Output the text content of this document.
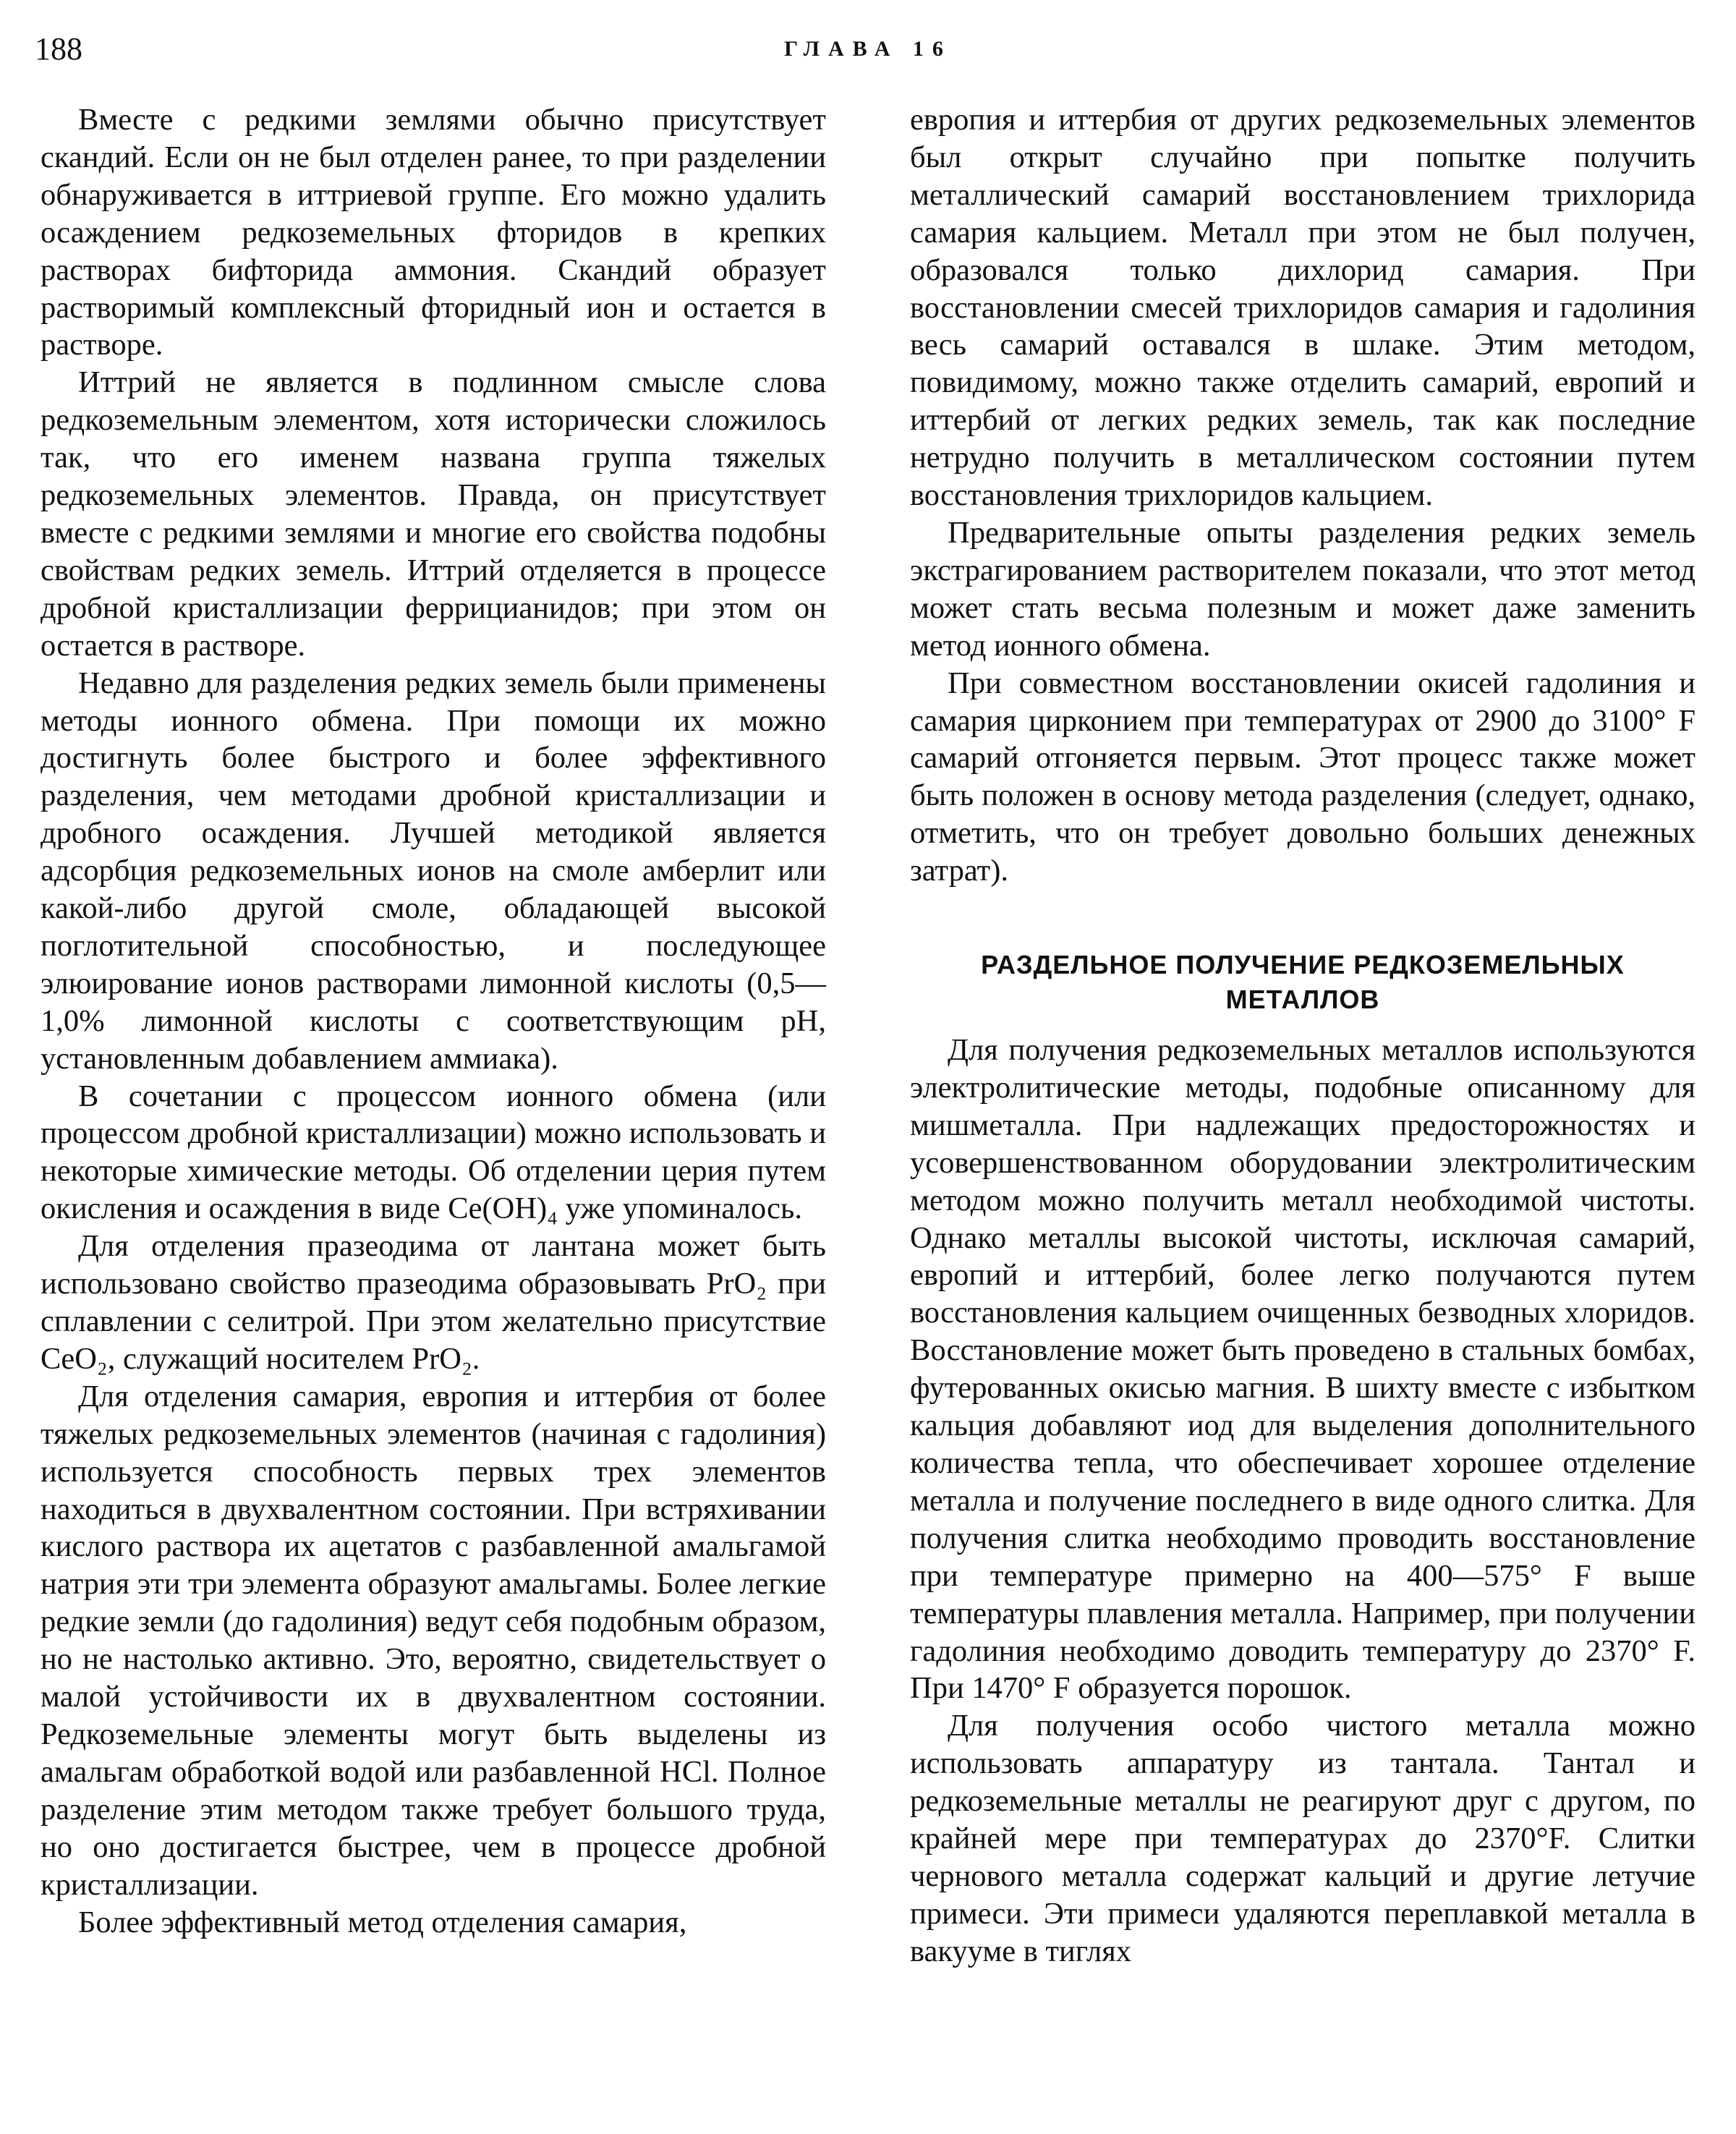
188	ГЛАВА 16

Вместе с редкими землями обычно присутствует скандий. Если он не был отделен ранее, то при разделении обнаруживается в иттриевой группе. Его можно удалить осаждением редкоземельных фторидов в крепких растворах бифторида аммония. Скандий образует растворимый комплексный фторидный ион и остается в растворе.

Иттрий не является в подлинном смысле слова редкоземельным элементом, хотя исторически сложилось так, что его именем названа группа тяжелых редкоземельных элементов. Правда, он присутствует вместе с редкими землями и многие его свойства подобны свойствам редких земель. Иттрий отделяется в процессе дробной кристаллизации феррицианидов; при этом он остается в растворе.

Недавно для разделения редких земель были применены методы ионного обмена. При помощи их можно достигнуть более быстрого и более эффективного разделения, чем методами дробной кристаллизации и дробного осаждения. Лучшей методикой является адсорбция редкоземельных ионов на смоле амберлит или какой-либо другой смоле, обладающей высокой поглотительной способностью, и последующее элюирование ионов растворами лимонной кислоты (0,5—1,0% лимонной кислоты с соответствующим pH, установленным добавлением аммиака).

В сочетании с процессом ионного обмена (или процессом дробной кристаллизации) можно использовать и некоторые химические методы. Об отделении церия путем окисления и осаждения в виде Ce(OH)₄ уже упоминалось.

Для отделения празеодима от лантана может быть использовано свойство празеодима образовывать PrO₂ при сплавлении с селитрой. При этом желательно присутствие CeO₂, служащий носителем PrO₂.

Для отделения самария, европия и иттербия от более тяжелых редкоземельных элементов (начиная с гадолиния) используется способность первых трех элементов находиться в двухвалентном состоянии. При встряхивании кислого раствора их ацетатов с разбавленной амальгамой натрия эти три элемента образуют амальгамы. Более легкие редкие земли (до гадолиния) ведут себя подобным образом, но не настолько активно. Это, вероятно, свидетельствует о малой устойчивости их в двухвалентном состоянии. Редкоземельные элементы могут быть выделены из амальгам обработкой водой или разбавленной HCl. Полное разделение этим методом также требует большого труда, но оно достигается быстрее, чем в процессе дробной кристаллизации.

Более эффективный метод отделения самария,

европия и иттербия от других редкоземельных элементов был открыт случайно при попытке получить металлический самарий восстановлением трихлорида самария кальцием. Металл при этом не был получен, образовался только дихлорид самария. При восстановлении смесей трихлоридов самария и гадолиния весь самарий оставался в шлаке. Этим методом, повидимому, можно также отделить самарий, европий и иттербий от легких редких земель, так как последние нетрудно получить в металлическом состоянии путем восстановления трихлоридов кальцием.

Предварительные опыты разделения редких земель экстрагированием растворителем показали, что этот метод может стать весьма полезным и может даже заменить метод ионного обмена.

При совместном восстановлении окисей гадолиния и самария цирконием при температурах от 2900 до 3100° F самарий отгоняется первым. Этот процесс также может быть положен в основу метода разделения (следует, однако, отметить, что он требует довольно больших денежных затрат).

РАЗДЕЛЬНОЕ ПОЛУЧЕНИЕ РЕДКОЗЕМЕЛЬНЫХ МЕТАЛЛОВ

Для получения редкоземельных металлов используются электролитические методы, подобные описанному для мишметалла. При надлежащих предосторожностях и усовершенствованном оборудовании электролитическим методом можно получить металл необходимой чистоты. Однако металлы высокой чистоты, исключая самарий, европий и иттербий, более легко получаются путем восстановления кальцием очищенных безводных хлоридов. Восстановление может быть проведено в стальных бомбах, футерованных окисью магния. В шихту вместе с избытком кальция добавляют иод для выделения дополнительного количества тепла, что обеспечивает хорошее отделение металла и получение последнего в виде одного слитка. Для получения слитка необходимо проводить восстановление при температуре примерно на 400—575° F выше температуры плавления металла. Например, при получении гадолиния необходимо доводить температуру до 2370° F. При 1470° F образуется порошок.

Для получения особо чистого металла можно использовать аппаратуру из тантала. Тантал и редкоземельные металлы не реагируют друг с другом, по крайней мере при температурах до 2370°F. Слитки чернового металла содержат кальций и другие летучие примеси. Эти примеси удаляются переплавкой металла в вакууме в тиглях
